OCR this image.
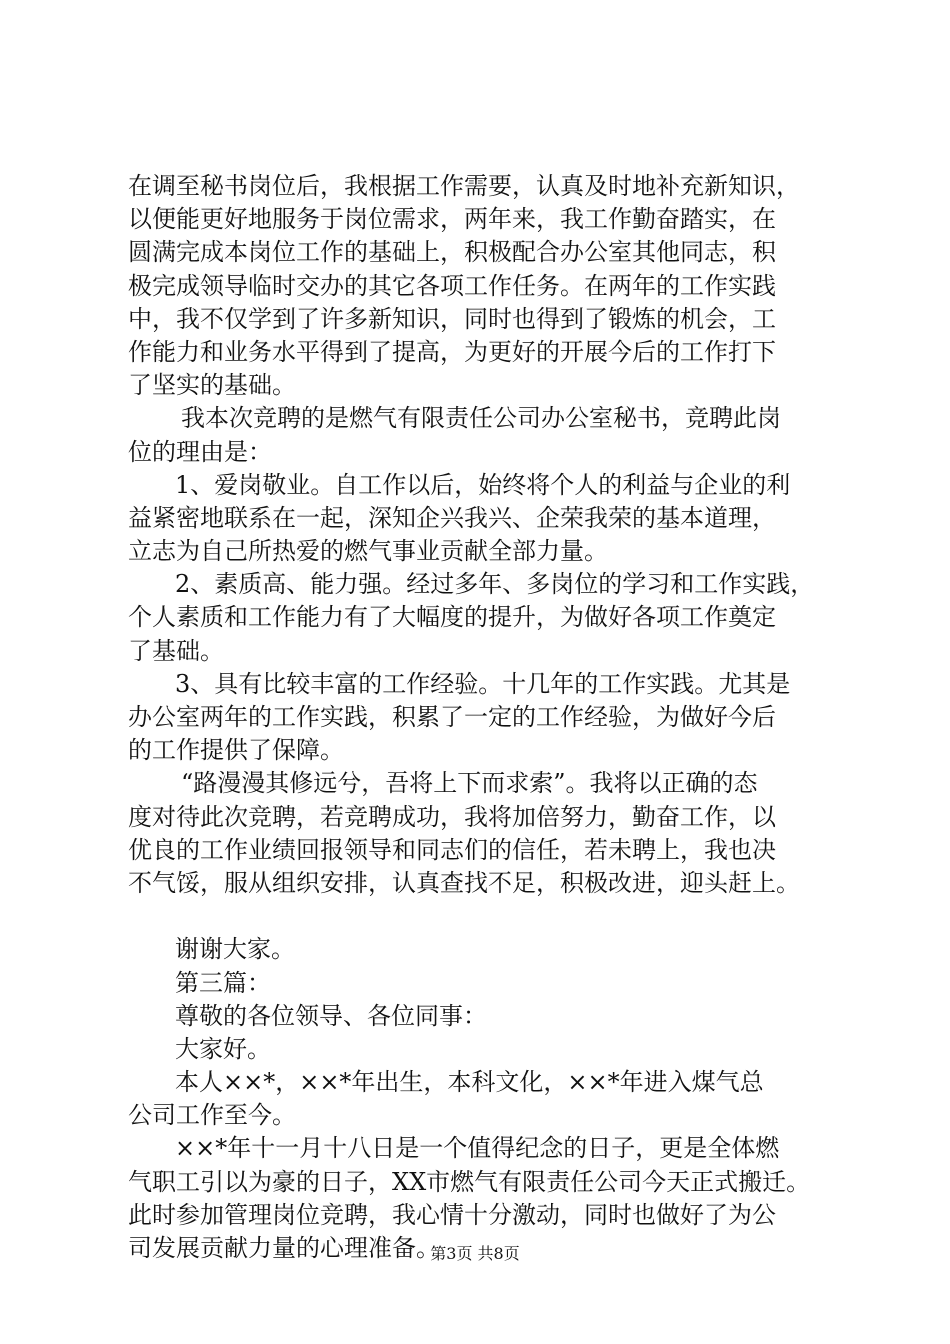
在调至秘书岗位后，我根据工作需要，认真及时地补充新知识，
以便能更好地服务于岗位需求，两年来，我工作勤奋踏实，在
圆满完成本岗位工作的基础上，积极配合办公室其他同志，积
极完成领导临时交办的其它各项工作任务。在两年的工作实践
中，我不仅学到了许多新知识，同时也得到了锻炼的机会，工
作能力和业务水平得到了提高，为更好的开展今后的工作打下
了坚实的基础。
我本次竞聘的是燃气有限责任公司办公室秘书，竞聘此岗
位的理由是：
1、爱岗敬业。自工作以后，始终将个人的利益与企业的利
益紧密地联系在一起，深知企兴我兴、企荣我荣的基本道理，
立志为自己所热爱的燃气事业贡献全部力量。
2、素质高、能力强。经过多年、多岗位的学习和工作实践，
个人素质和工作能力有了大幅度的提升，为做好各项工作奠定
了基础。
3、具有比较丰富的工作经验。十几年的工作实践。尤其是
办公室两年的工作实践，积累了一定的工作经验，为做好今后
的工作提供了保障。
“路漫漫其修远兮，吾将上下而求索”。我将以正确的态
度对待此次竞聘，若竞聘成功，我将加倍努力，勤奋工作，以
优良的工作业绩回报领导和同志们的信任，若未聘上，我也决
不气馁，服从组织安排，认真查找不足，积极改进，迎头赶上。
谢谢大家。
第三篇：
尊敬的各位领导、各位同事：
大家好。
本人××*，××*年出生，本科文化，××*年进入煤气总
公司工作至今。
××*年十一月十八日是一个值得纪念的日子，更是全体燃
气职工引以为豪的日子，XX市燃气有限责任公司今天正式搬迁。
此时参加管理岗位竞聘，我心情十分激动，同时也做好了为公
司发展贡献力量的心理准备。
第3页 共8页
